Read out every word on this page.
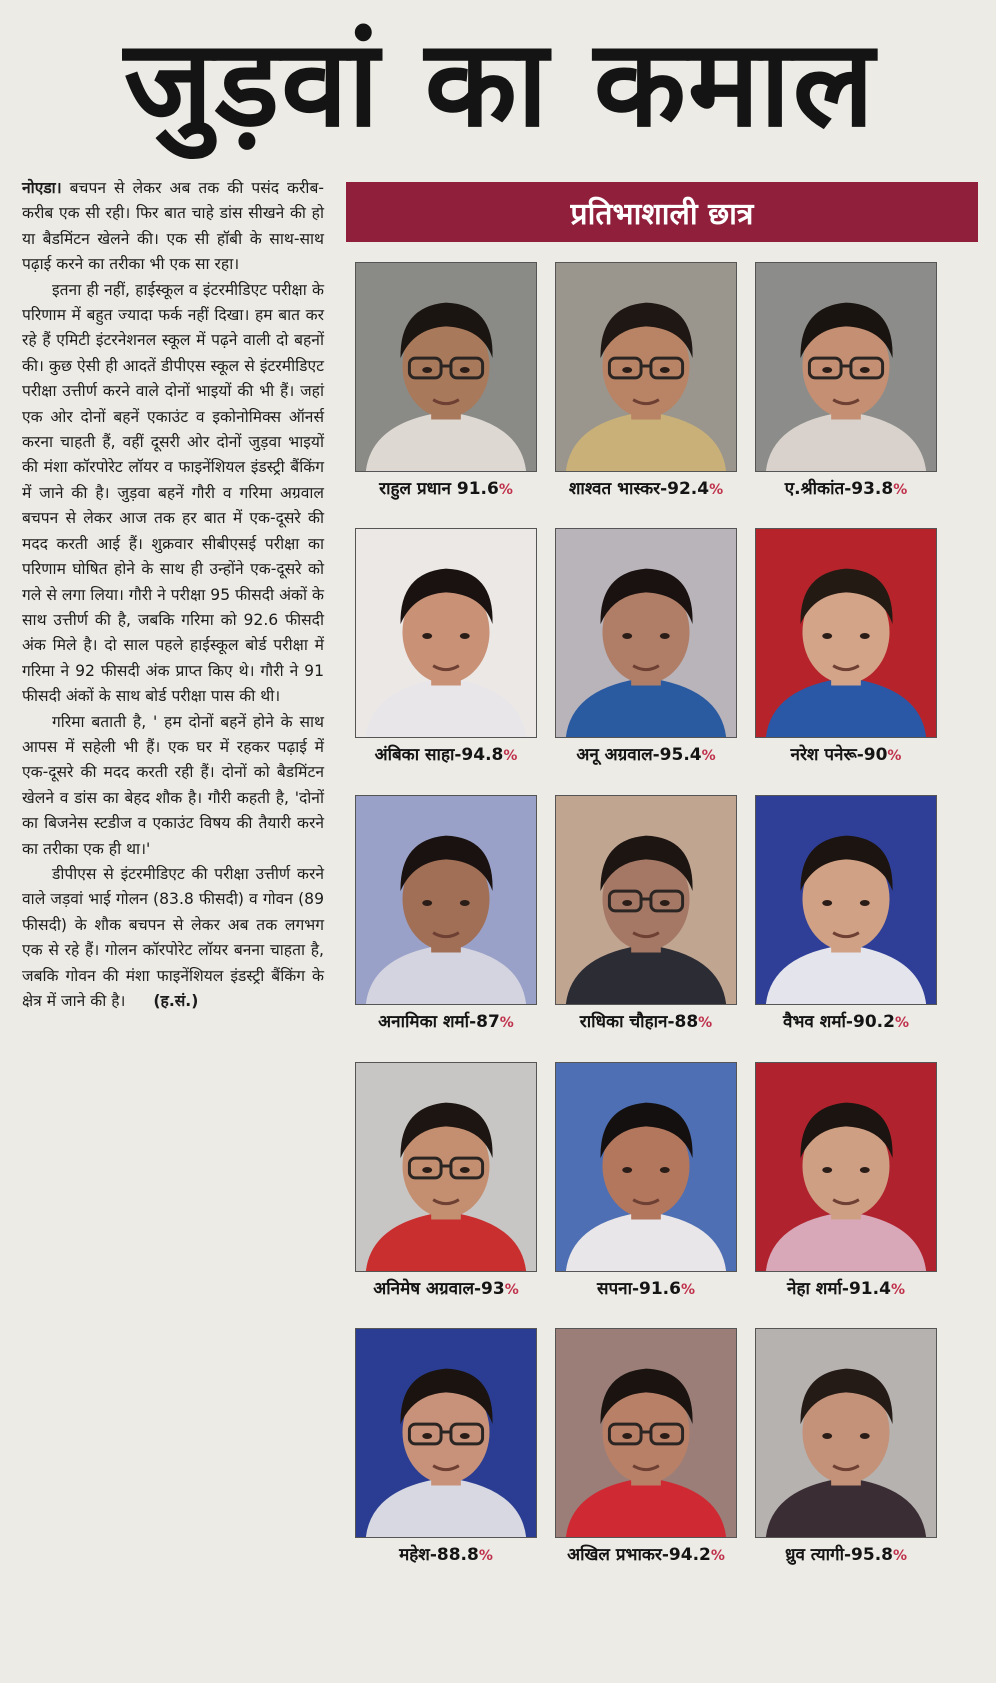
जुड़वां का कमाल

नोएडा। बचपन से लेकर अब तक की पसंद करीब-करीब एक सी रही। फिर बात चाहे डांस सीखने की हो या बैडमिंटन खेलने की। एक सी हॉबी के साथ-साथ पढ़ाई करने का तरीका भी एक सा रहा।

इतना ही नहीं, हाईस्कूल व इंटरमीडिएट परीक्षा के परिणाम में बहुत ज्यादा फर्क नहीं दिखा। हम बात कर रहे हैं एमिटी इंटरनेशनल स्कूल में पढ़ने वाली दो बहनों की। कुछ ऐसी ही आदतें डीपीएस स्कूल से इंटरमीडिएट परीक्षा उत्तीर्ण करने वाले दोनों भाइयों की भी हैं। जहां एक ओर दोनों बहनें एकाउंट व इकोनोमिक्स ऑनर्स करना चाहती हैं, वहीं दूसरी ओर दोनों जुड़वा भाइयों की मंशा कॉरपोरेट लॉयर व फाइनेंशियल इंडस्ट्री बैंकिंग में जाने की है। जुड़वा बहनें गौरी व गरिमा अग्रवाल बचपन से लेकर आज तक हर बात में एक-दूसरे की मदद करती आई हैं। शुक्रवार सीबीएसई परीक्षा का परिणाम घोषित होने के साथ ही उन्होंने एक-दूसरे को गले से लगा लिया। गौरी ने परीक्षा 95 फीसदी अंकों के साथ उत्तीर्ण की है, जबकि गरिमा को 92.6 फीसदी अंक मिले है। दो साल पहले हाईस्कूल बोर्ड परीक्षा में गरिमा ने 92 फीसदी अंक प्राप्त किए थे। गौरी ने 91 फीसदी अंकों के साथ बोर्ड परीक्षा पास की थी।

गरिमा बताती है, ' हम दोनों बहनें होने के साथ आपस में सहेली भी हैं। एक घर में रहकर पढ़ाई में एक-दूसरे की मदद करती रही हैं। दोनों को बैडमिंटन खेलने व डांस का बेहद शौक है। गौरी कहती है, 'दोनों का बिजनेस स्टडीज व एकाउंट विषय की तैयारी करने का तरीका एक ही था।'

डीपीएस से इंटरमीडिएट की परीक्षा उत्तीर्ण करने वाले जड़वां भाई गोलन (83.8 फीसदी) व गोवन (89 फीसदी) के शौक बचपन से लेकर अब तक लगभग एक से रहे हैं। गोलन कॉरपोरेट लॉयर बनना चाहता है, जबकि गोवन की मंशा फाइनेंशियल इंडस्ट्री बैंकिंग के क्षेत्र में जाने की है। (ह.सं.)

प्रतिभाशाली छात्र
राहुल प्रधान 91.6%	शाश्वत भास्कर-92.4%	ए.श्रीकांत-93.8%
अंबिका साहा-94.8%	अनू अग्रवाल-95.4%	नरेश पनेरू-90%
अनामिका शर्मा-87%	राधिका चौहान-88%	वैभव शर्मा-90.2%
अनिमेष अग्रवाल-93%	सपना-91.6%	नेहा शर्मा-91.4%
महेश-88.8%	अखिल प्रभाकर-94.2%	ध्रुव त्यागी-95.8%
